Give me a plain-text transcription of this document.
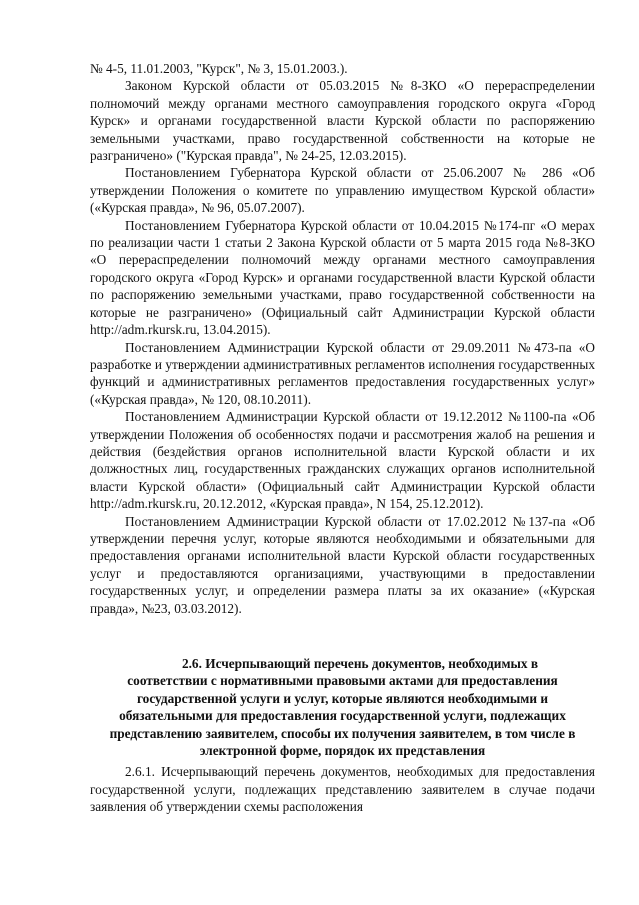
№ 4-5, 11.01.2003, "Курск", № 3, 15.01.2003.).

Законом Курской области от 05.03.2015 №8-ЗКО «О перераспределении полномочий между органами местного самоуправления городского округа «Город Курск» и органами государственной власти Курской области по распоряжению земельными участками, право государственной собственности на которые не разграничено» ("Курская правда", № 24-25, 12.03.2015).

Постановлением Губернатора Курской области от 25.06.2007 № 286 «Об утверждении Положения о комитете по управлению имуществом Курской области» («Курская правда», № 96, 05.07.2007).

Постановлением Губернатора Курской области от 10.04.2015 №174-пг «О мерах по реализации части 1 статьи 2 Закона Курской области от 5 марта 2015 года №8-ЗКО «О перераспределении полномочий между органами местного самоуправления городского округа «Город Курск» и органами государственной власти Курской области по распоряжению земельными участками, право государственной собственности на которые не разграничено» (Официальный сайт Администрации Курской области http://adm.rkursk.ru, 13.04.2015).

Постановлением Администрации Курской области от 29.09.2011 №473-па «О разработке и утверждении административных регламентов исполнения государственных функций и административных регламентов предоставления государственных услуг» («Курская правда», № 120, 08.10.2011).

Постановлением Администрации Курской области от 19.12.2012 №1100-па «Об утверждении Положения об особенностях подачи и рассмотрения жалоб на решения и действия (бездействия органов исполнительной власти Курской области и их должностных лиц, государственных гражданских служащих органов исполнительной власти Курской области» (Официальный сайт Администрации Курской области http://adm.rkursk.ru, 20.12.2012, «Курская правда», N 154, 25.12.2012).

Постановлением Администрации Курской области от 17.02.2012 №137-па «Об утверждении перечня услуг, которые являются необходимыми и обязательными для предоставления органами исполнительной власти Курской области государственных услуг и предоставляются организациями, участвующими в предоставлении государственных услуг, и определении размера платы за их оказание» («Курская правда», №23, 03.03.2012).

2.6. Исчерпывающий перечень документов, необходимых в
соответствии с нормативными правовыми актами для предоставления государственной услуги и услуг, которые являются необходимыми и обязательными для предоставления государственной услуги, подлежащих представлению заявителем, способы их получения заявителем, в том числе в электронной форме, порядок их представления

2.6.1. Исчерпывающий перечень документов, необходимых для предоставления государственной услуги, подлежащих представлению заявителем в случае подачи заявления об утверждении схемы расположения
